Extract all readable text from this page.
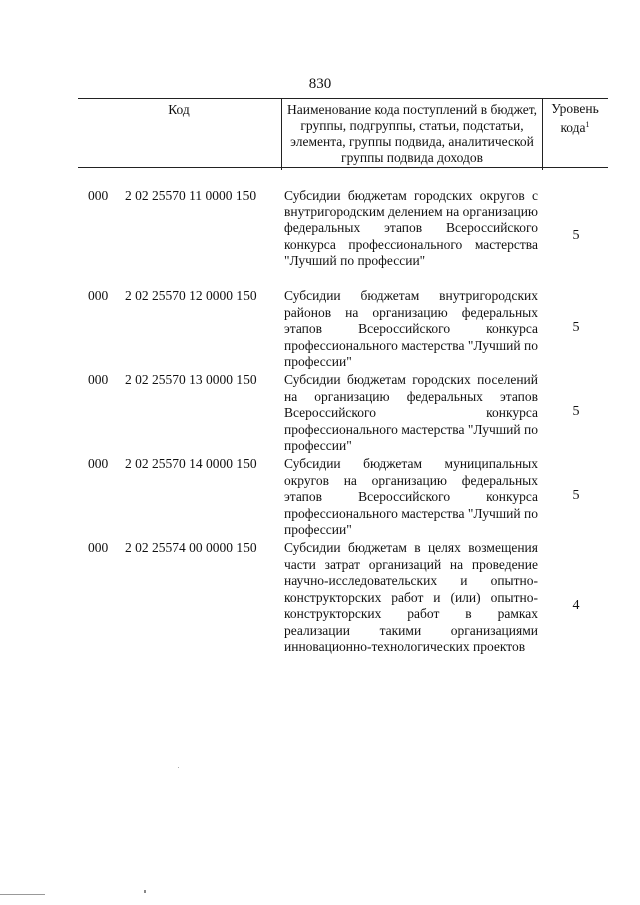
830
Код	Наименование кода поступлений в бюджет, группы, подгруппы, статьи, подстатьи, элемента, группы подвида, аналитической группы подвида доходов
Уровень кода$^1$
000 2 02 25570 11 0000 150 Субсидии бюджетам городских округов с внутригородским делением на организацию федеральных этапов Всероссийского конкурса профессионального мастерства "Лучший по профессии"
5
000 2 02 25570 12 0000 150 Субсидии бюджетам внутригородских районов на организацию федеральных этапов Всероссийского конкурса профессионального мастерства "Лучший по профессии"
5
000 2 02 25570 13 0000 150 Субсидии бюджетам городских поселений на организацию федеральных этапов Всероссийского конкурса профессионального мастерства "Лучший по профессии"
5
000 2 02 25570 14 0000 150 Субсидии бюджетам муниципальных округов на организацию федеральных этапов Всероссийского конкурса профессионального мастерства "Лучший по профессии"
5
000 2 02 25574 00 0000 150 Субсидии бюджетам в целях возмещения части затрат организаций на проведение научно-исследовательских и опытно-конструкторских работ и (или) опытно-конструкторских работ в рамках реализации такими организациями инновационно-технологических проектов
4
